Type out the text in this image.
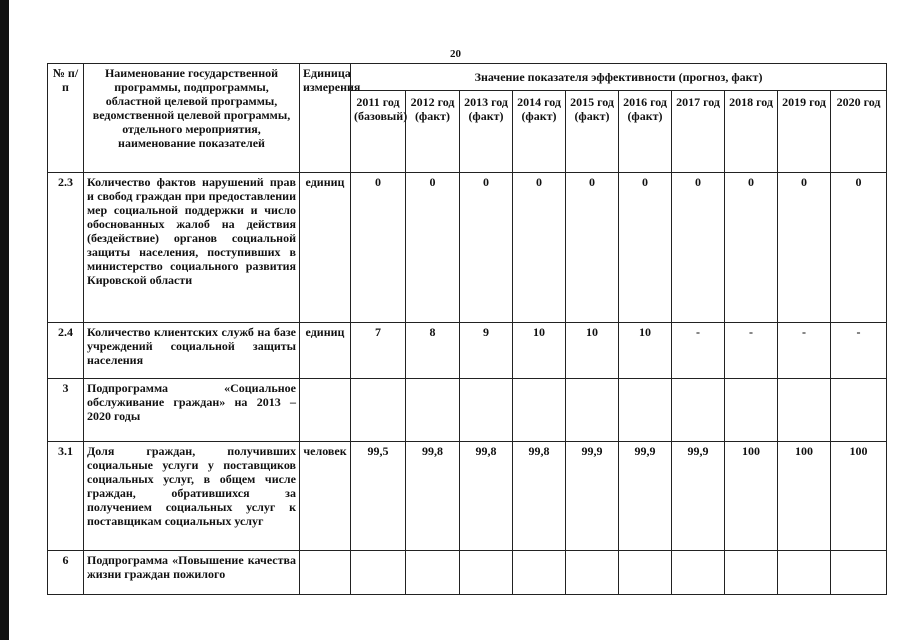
20
№ п/п	Наименование государственной программы, подпрограммы, областной целевой программы, ведомственной целевой программы, отдельного мероприятия, наименование показателей	Единица измерения	Значение показателя эффективности (прогноз, факт)									
			2011 год (базовый)	2012 год (факт)	2013 год (факт)	2014 год (факт)	2015 год (факт)	2016 год (факт)	2017 год	2018 год	2019 год	2020 год
2.3	Количество фактов нарушений прав и свобод граждан при предоставлении мер социальной поддержки и число обоснованных жалоб на действия (бездействие) органов социальной защиты населения, поступивших в министерство социального развития Кировской области	единиц	0	0	0	0	0	0	0	0	0	0
2.4	Количество клиентских служб на базе учреждений социальной защиты населения	единиц	7	8	9	10	10	10	-	-	-	-
3	Подпрограмма «Социальное обслуживание граждан» на 2013 – 2020 годы											
3.1	Доля граждан, получивших социальные услуги у поставщиков социальных услуг, в общем числе граждан, обратившихся за получением социальных услуг к поставщикам социальных услуг	человек	99,5	99,8	99,8	99,8	99,9	99,9	99,9	100	100	100
6	Подпрограмма «Повышение качества жизни граждан пожилого											
